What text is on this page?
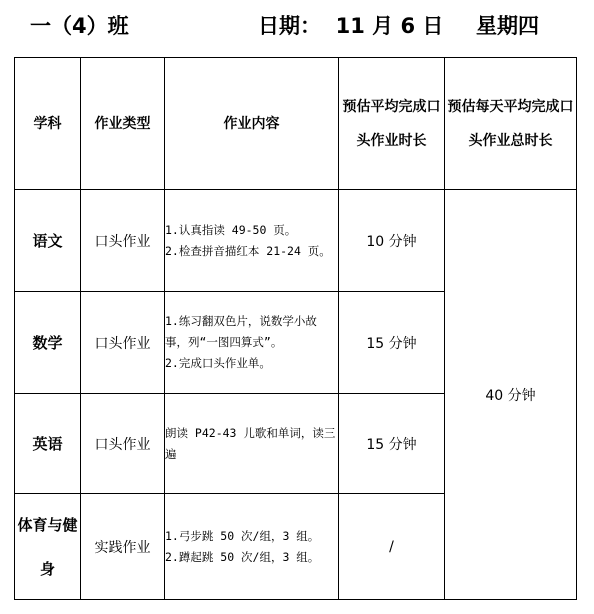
一（4）班	日期： 11 月 6 日 星期四
学科	作业类型	作业内容	预估平均完成口头作业时长	预估每天平均完成口头作业总时长
语文	口头作业	1.认真指读 49-50 页。
2.检查拼音描红本 21-24 页。	10 分钟	40 分钟
数学	口头作业	1.练习翻双色片，说数学小故事，列“一图四算式”。
2.完成口头作业单。	15 分钟	
英语	口头作业	朗读 P42-43 儿歌和单词，读三遍	15 分钟	
体育与健身	实践作业	1.弓步跳 50 次/组，3 组。
2.蹲起跳 50 次/组，3 组。	/	
